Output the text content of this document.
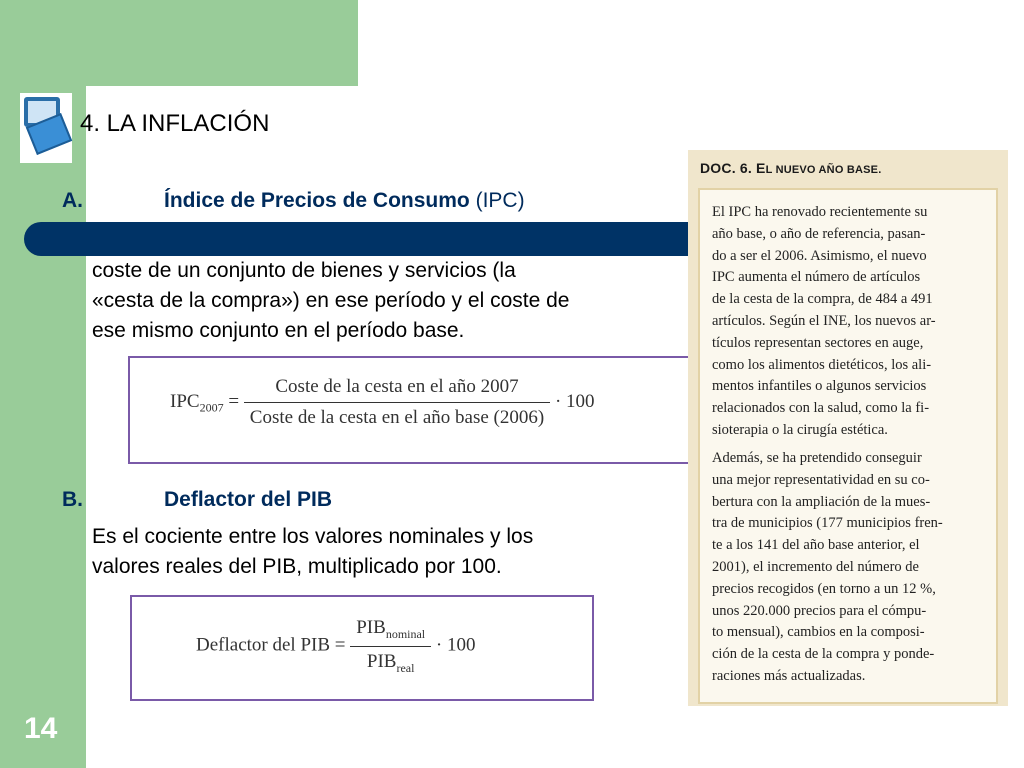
4. LA INFLACIÓN
A.	Índice de Precios de Consumo (IPC)
coste de un conjunto de bienes y servicios (la
«cesta de la compra») en ese período y el coste de
ese mismo conjunto en el período base.
$IPC_{2007} = \frac{\text{Coste de la cesta en el año 2007}}{\text{Coste de la cesta en el año base (2006)}} \cdot 100$
B.	Deflactor del PIB
Es el cociente entre los valores nominales y los
valores reales del PIB, multiplicado por 100.
Deflactor del PIB = $\frac{PIB_{nominal}}{PIB_{real}} \cdot 100$
14
DOC. 6. EL NUEVO AÑO BASE.
El IPC ha renovado recientemente su
año base, o año de referencia, pasan-
do a ser el 2006. Asimismo, el nuevo
IPC aumenta el número de artículos
de la cesta de la compra, de 484 a 491
artículos. Según el INE, los nuevos ar-
tículos representan sectores en auge,
como los alimentos dietéticos, los ali-
mentos infantiles o algunos servicios
relacionados con la salud, como la fi-
sioterapia o la cirugía estética.
Además, se ha pretendido conseguir
una mejor representatividad en su co-
bertura con la ampliación de la mues-
tra de municipios (177 municipios fren-
te a los 141 del año base anterior, el
2001), el incremento del número de
precios recogidos (en torno a un 12 %,
unos 220.000 precios para el cómpu-
to mensual), cambios en la composi-
ción de la cesta de la compra y ponde-
raciones más actualizadas.
